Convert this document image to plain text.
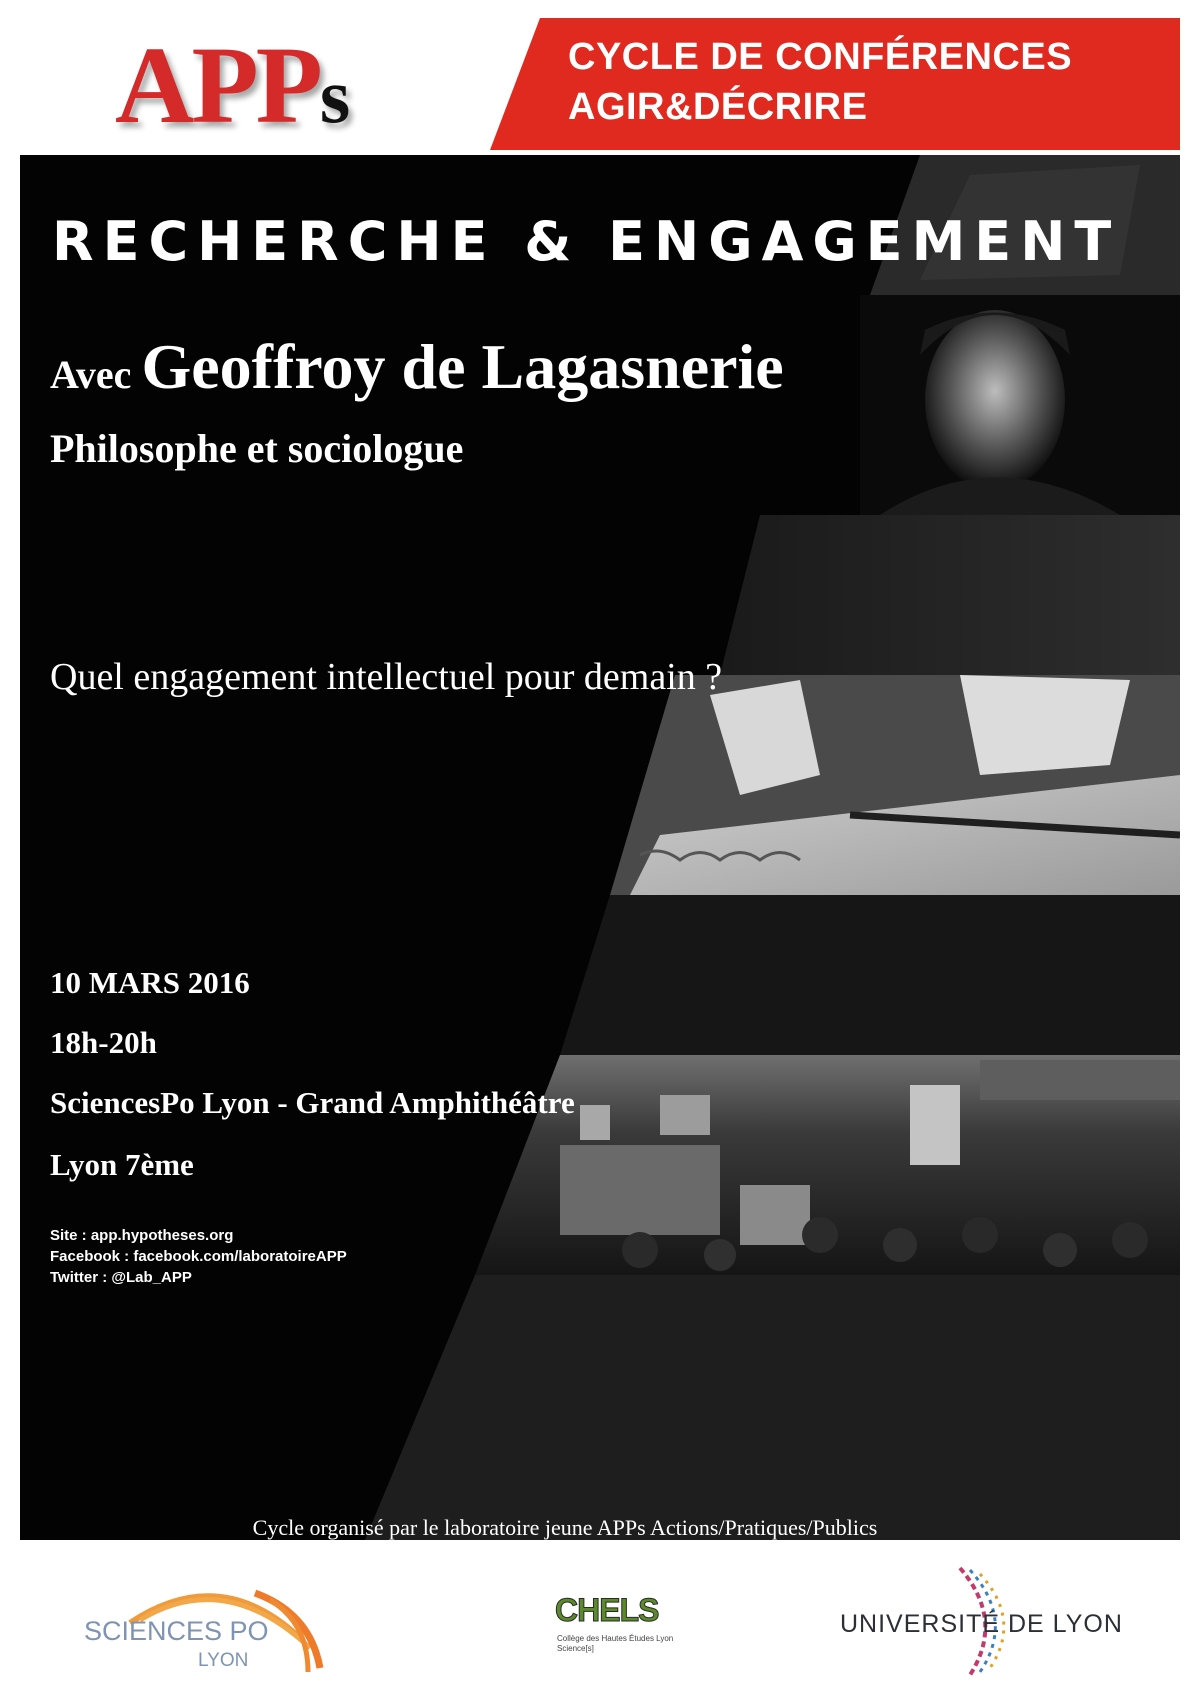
CYCLE DE CONFÉRENCES
AGIR&DÉCRIRE
APPs
RECHERCHE & ENGAGEMENT
Avec Geoffroy de Lagasnerie
Philosophe et sociologue
Quel engagement intellectuel pour demain ?
10 MARS 2016
18h-20h
SciencesPo Lyon - Grand Amphithéâtre
Lyon 7ème
Site : app.hypotheses.org
Facebook : facebook.com/laboratoireAPP
Twitter : @Lab_APP
Cycle organisé par le laboratoire jeune APPs Actions/Pratiques/Publics
SCIENCES PO
LYON
CHELS
Collège des Hautes Études Lyon Science[s]
UNIVERSITÉ DE LYON
